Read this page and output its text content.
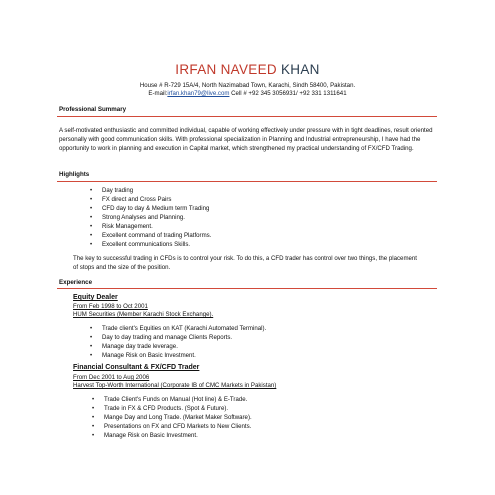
IRFAN NAVEED KHAN
House # R-729 15A/4, North Nazimabad Town, Karachi, Sindh 58400, Pakistan.
E-mail:irfan.khan79@live.com Cell # +92 345 3056931/ +92 331 1311641
Professional Summary

A self-motivated enthusiastic and committed individual, capable of working effectively under pressure with in tight deadlines, result oriented personally with good communication skills. With professional specialization in Planning and Industrial entrepreneurship, I have had the opportunity to work in planning and execution in Capital market, which strengthened my practical understanding of FX/CFD Trading.

Highlights
• Day trading
• FX direct and Cross Pairs
• CFD day to day & Medium term Trading
• Strong Analyses and Planning.
• Risk Management.
• Excellent command of trading Platforms.
• Excellent communications Skills.

The key to successful trading in CFDs is to control your risk. To do this, a CFD trader has control over two things, the placement of stops and the size of the position.

Experience
Equity Dealer
From Feb 1998 to Oct 2001
HUM Securities (Member Karachi Stock Exchange).
• Trade client's Equities on KAT (Karachi Automated Terminal).
• Day to day trading and manage Clients Reports.
• Manage day trade leverage.
• Manage Risk on Basic Investment.
Financial Consultant & FX/CFD Trader
From Dec 2001 to Aug 2006
Harvest Top-Worth International (Corporate IB of CMC Markets in Pakistan)
• Trade Client's Funds on Manual (Hot line) & E-Trade.
• Trade in FX & CFD Products. (Spot & Future).
• Mange Day and Long Trade. (Market Maker Software).
• Presentations on FX and CFD Markets to New Clients.
• Manage Risk on Basic Investment.
